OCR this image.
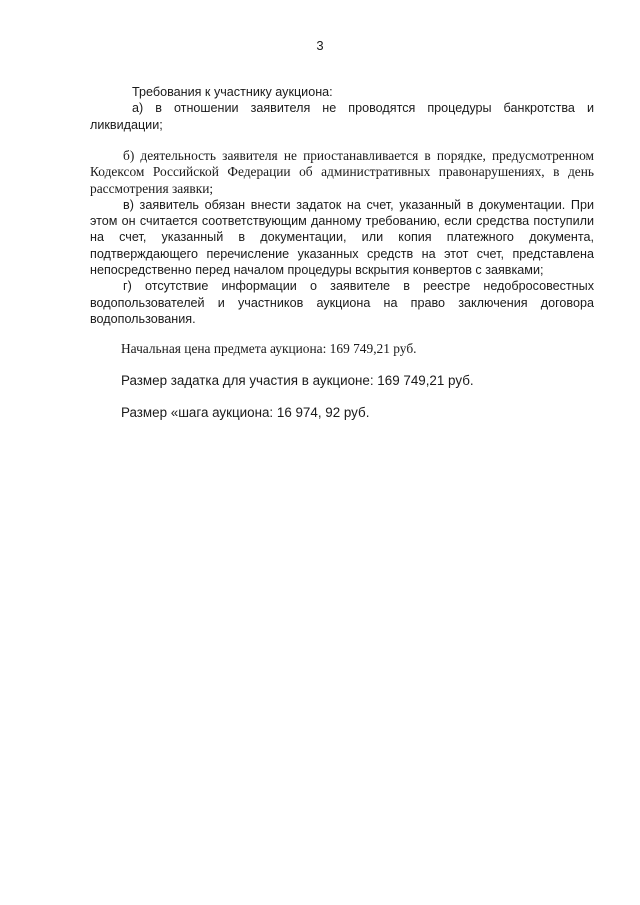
3

Требования к участнику аукциона:

а) в отношении заявителя не проводятся процедуры банкротства и ликвидации;

б) деятельность заявителя не приостанавливается в порядке, предусмотренном Кодексом Российской Федерации об административных правонарушениях, в день рассмотрения заявки;

в) заявитель обязан внести задаток на счет, указанный в документации. При этом он считается соответствующим данному требованию, если средства поступили на счет, указанный в документации, или копия платежного документа, подтверждающего перечисление указанных средств на этот счет, представлена непосредственно перед началом процедуры вскрытия конвертов с заявками;

г) отсутствие информации о заявителе в реестре недобросовестных водопользователей и участников аукциона на право заключения договора водопользования.

Начальная цена предмета аукциона: 169 749,21 руб.
Размер задатка для участия в аукционе: 169 749,21 руб.
Размер «шага аукциона: 16 974, 92 руб.
